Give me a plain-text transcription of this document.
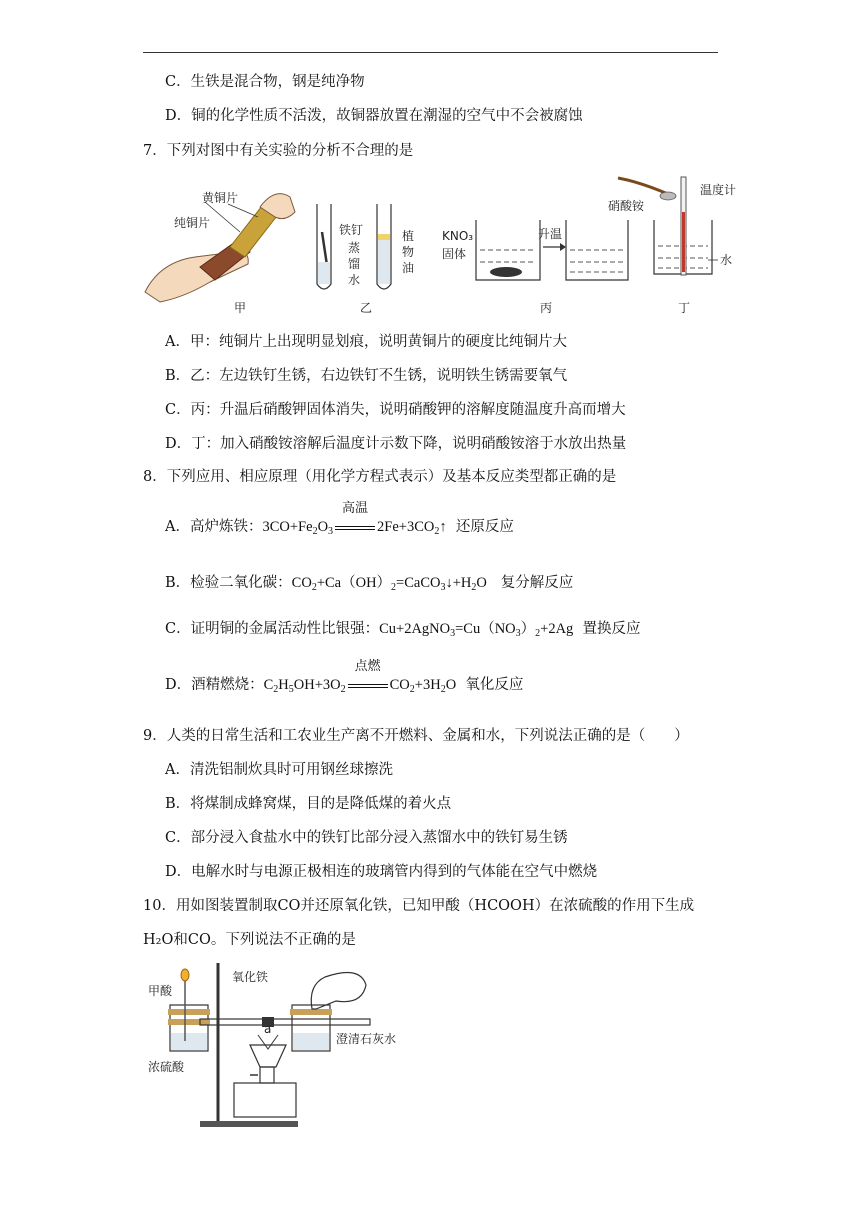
C．生铁是混合物，钢是纯净物
D．铜的化学性质不活泼，故铜器放置在潮湿的空气中不会被腐蚀
7．下列对图中有关实验的分析不合理的是
纯铜片
黄铜片
铁钉	植
物
油
蒸
馏
水
KNO₃
固体
升温
温度计
硝酸铵
水
甲	乙	丙	丁
A．甲：纯铜片上出现明显划痕，说明黄铜片的硬度比纯铜片大
B．乙：左边铁钉生锈，右边铁钉不生锈，说明铁生锈需要氧气
C．丙：升温后硝酸钾固体消失，说明硝酸钾的溶解度随温度升高而增大
D．丁：加入硝酸铵溶解后温度计示数下降，说明硝酸铵溶于水放出热量
8．下列应用、相应原理（用化学方程式表示）及基本反应类型都正确的是
A．高炉炼铁：$3CO+Fe_2O_3$
高温
$2Fe+3CO_2↑$ 还原反应
B．检验二氧化碳：$CO_2+Ca(OH)_2=CaCO_3↓+H_2O$ 复分解反应
C．证明铜的金属活动性比银强：$Cu+2AgNO_3=Cu(NO_3)_2+2Ag$ 置换反应
D．酒精燃烧：$C_2H_5OH+3O_2$
点燃
$CO_2+3H_2O$ 氧化反应
9．人类的日常生活和工农业生产离不开燃料、金属和水，下列说法正确的是（　　）
A．清洗铝制炊具时可用钢丝球擦洗
B．将煤制成蜂窝煤，目的是降低煤的着火点
C．部分浸入食盐水中的铁钉比部分浸入蒸馏水中的铁钉易生锈
D．电解水时与电源正极相连的玻璃管内得到的气体能在空气中燃烧
10．用如图装置制取CO并还原氧化铁，已知甲酸（HCOOH）在浓硫酸的作用下生成
H₂O和CO。下列说法不正确的是
甲酸
氧化铁
a
澄清石灰水
浓硫酸
